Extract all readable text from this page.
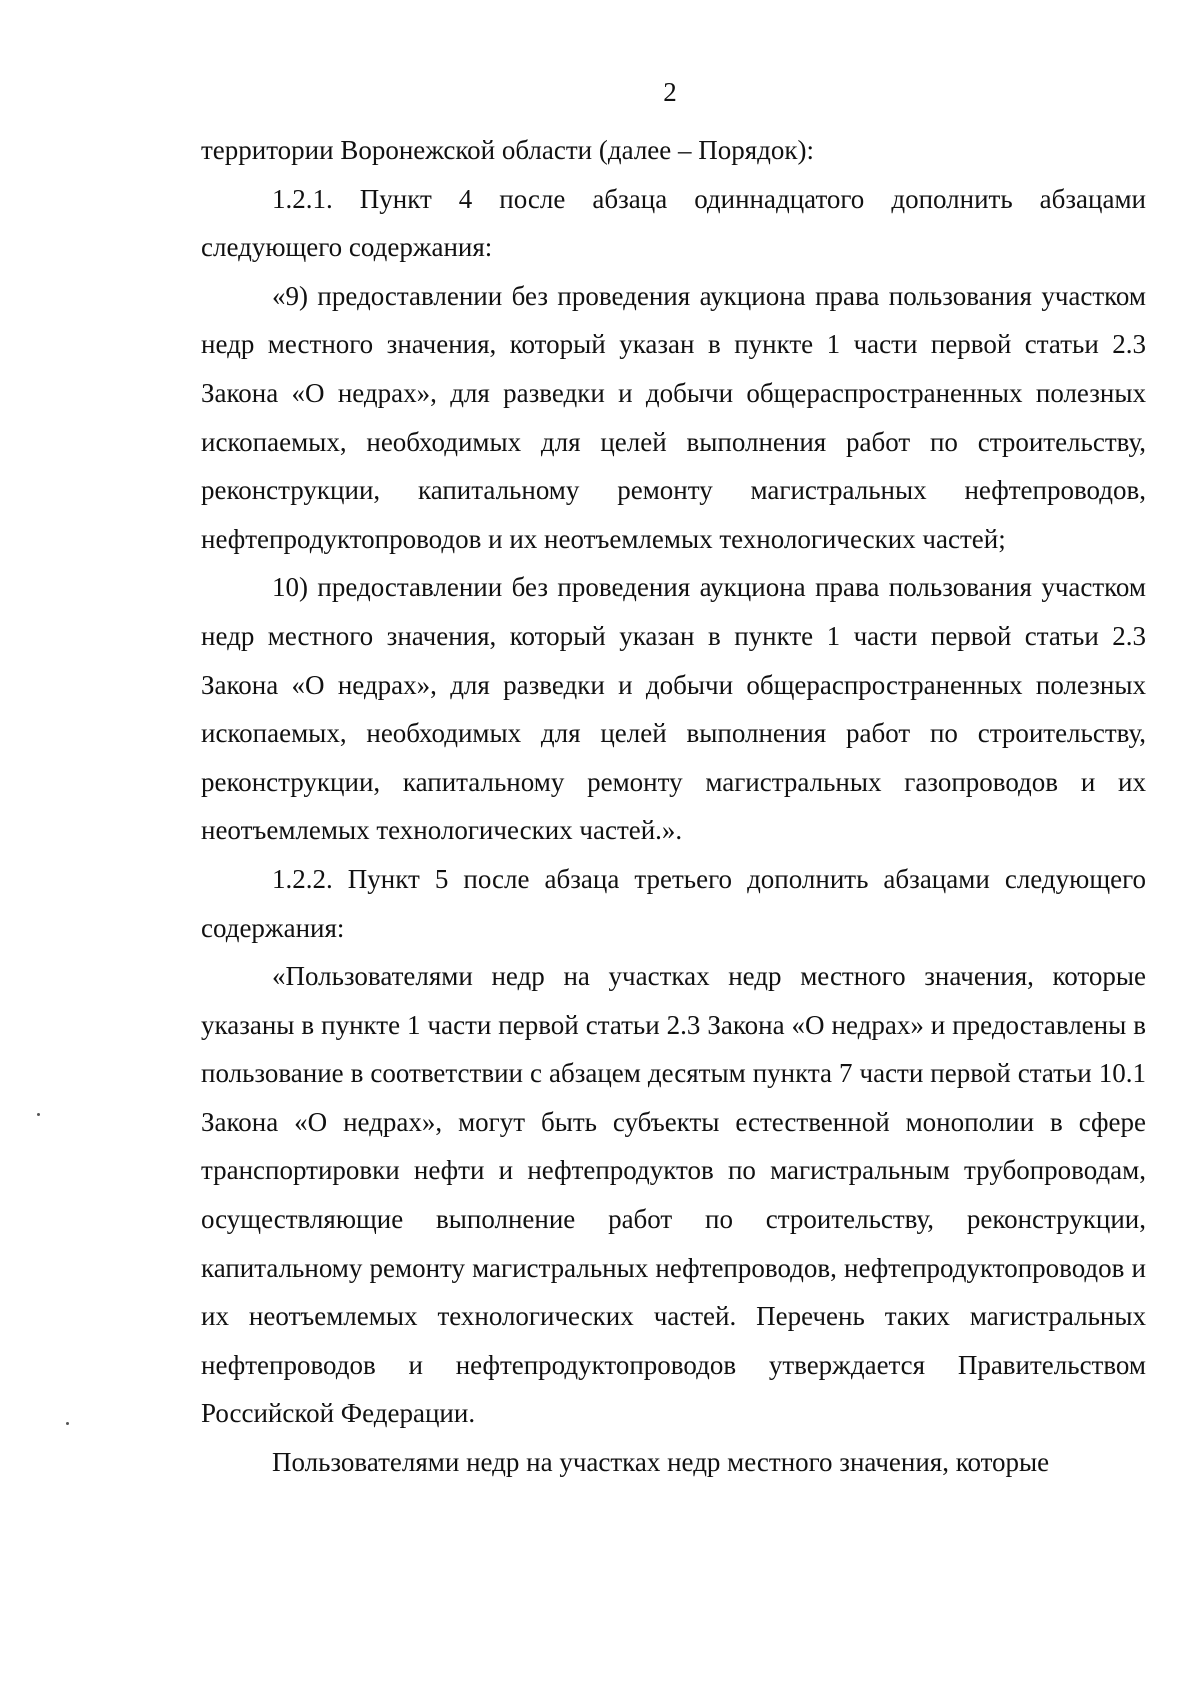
2

территории Воронежской области (далее – Порядок):

1.2.1. Пункт 4 после абзаца одиннадцатого дополнить абзацами следующего содержания:

«9) предоставлении без проведения аукциона права пользования участком недр местного значения, который указан в пункте 1 части первой статьи 2.3 Закона «О недрах», для разведки и добычи общераспространенных полезных ископаемых, необходимых для целей выполнения работ по строительству, реконструкции, капитальному ремонту магистральных нефтепроводов, нефтепродуктопроводов и их неотъемлемых технологических частей;

10) предоставлении без проведения аукциона права пользования участком недр местного значения, который указан в пункте 1 части первой статьи 2.3 Закона «О недрах», для разведки и добычи общераспространенных полезных ископаемых, необходимых для целей выполнения работ по строительству, реконструкции, капитальному ремонту магистральных газопроводов и их неотъемлемых технологических частей.».

1.2.2. Пункт 5 после абзаца третьего дополнить абзацами следующего содержания:

«Пользователями недр на участках недр местного значения, которые указаны в пункте 1 части первой статьи 2.3 Закона «О недрах» и предоставлены в пользование в соответствии с абзацем десятым пункта 7 части первой статьи 10.1 Закона «О недрах», могут быть субъекты естественной монополии в сфере транспортировки нефти и нефтепродуктов по магистральным трубопроводам, осуществляющие выполнение работ по строительству, реконструкции, капитальному ремонту магистральных нефтепроводов, нефтепродуктопроводов и их неотъемлемых технологических частей. Перечень таких магистральных нефтепроводов и нефтепродуктопроводов утверждается Правительством Российской Федерации.

Пользователями недр на участках недр местного значения, которые
